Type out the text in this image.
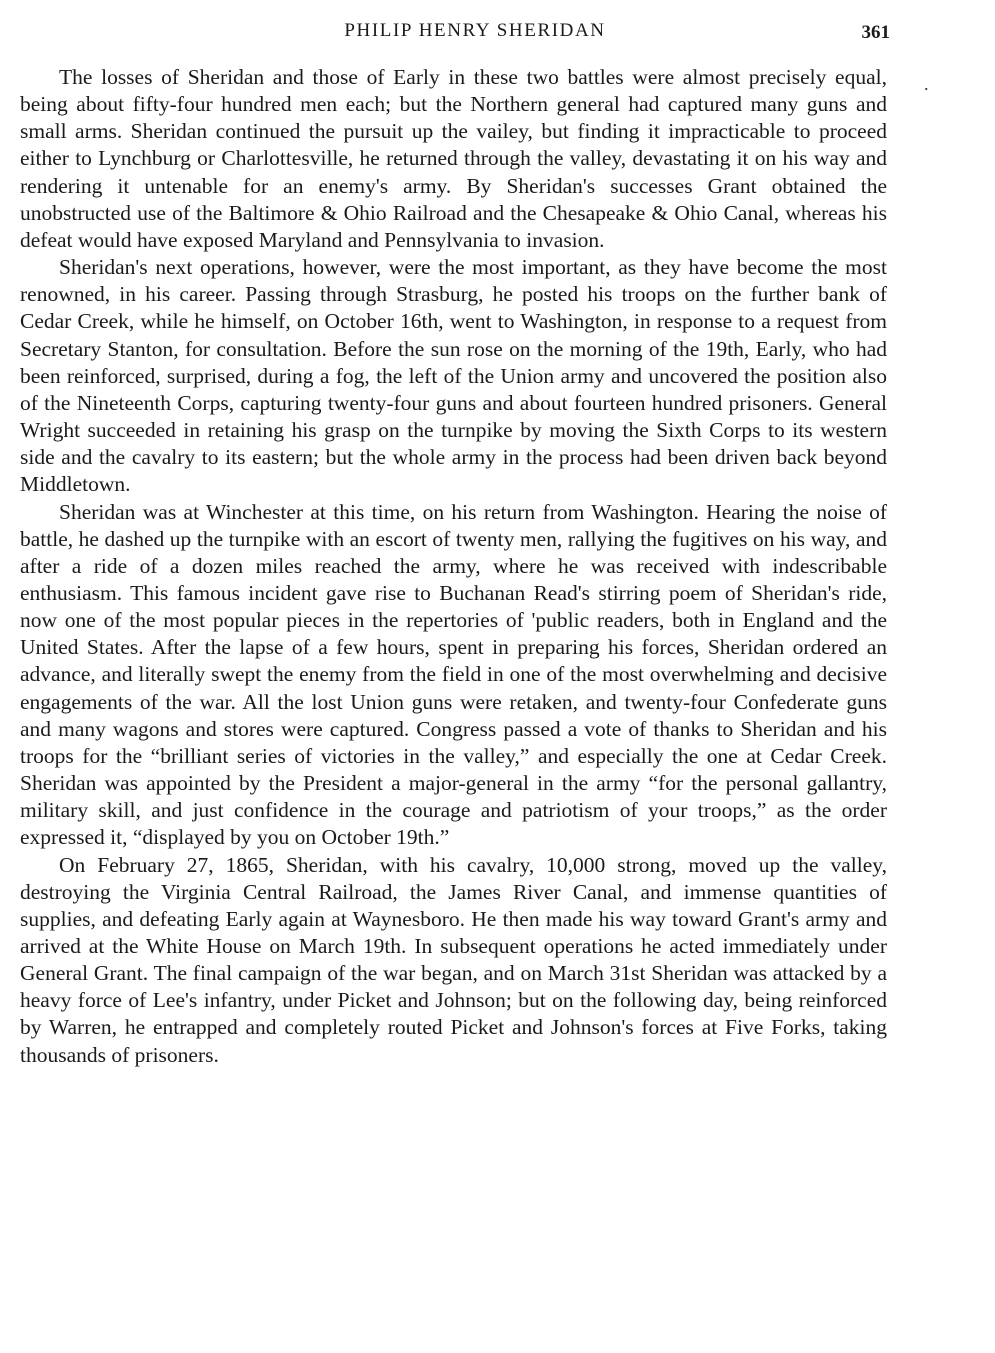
PHILIP HENRY SHERIDAN	361
.

The losses of Sheridan and those of Early in these two battles were almost precisely equal, being about fifty-four hundred men each; but the Northern general had captured many guns and small arms. Sheridan continued the pursuit up the vailey, but finding it impracticable to proceed either to Lynchburg or Charlottesville, he returned through the valley, devastating it on his way and rendering it untenable for an enemy's army. By Sheridan's successes Grant obtained the unobstructed use of the Baltimore & Ohio Railroad and the Chesapeake & Ohio Canal, whereas his defeat would have exposed Maryland and Pennsylvania to invasion.

Sheridan's next operations, however, were the most important, as they have become the most renowned, in his career. Passing through Strasburg, he posted his troops on the further bank of Cedar Creek, while he himself, on October 16th, went to Washington, in response to a request from Secretary Stanton, for consultation. Before the sun rose on the morning of the 19th, Early, who had been reinforced, surprised, during a fog, the left of the Union army and uncovered the position also of the Nineteenth Corps, capturing twenty-four guns and about fourteen hundred prisoners. General Wright succeeded in retaining his grasp on the turnpike by moving the Sixth Corps to its western side and the cavalry to its eastern; but the whole army in the process had been driven back beyond Middletown.

Sheridan was at Winchester at this time, on his return from Washington. Hearing the noise of battle, he dashed up the turnpike with an escort of twenty men, rallying the fugitives on his way, and after a ride of a dozen miles reached the army, where he was received with indescribable enthusiasm. This famous incident gave rise to Buchanan Read's stirring poem of Sheridan's ride, now one of the most popular pieces in the repertories of 'public readers, both in England and the United States. After the lapse of a few hours, spent in preparing his forces, Sheridan ordered an advance, and literally swept the enemy from the field in one of the most overwhelming and decisive engagements of the war. All the lost Union guns were retaken, and twenty-four Confederate guns and many wagons and stores were captured. Congress passed a vote of thanks to Sheridan and his troops for the “brilliant series of victories in the valley,” and especially the one at Cedar Creek. Sheridan was appointed by the President a major-general in the army “for the personal gallantry, military skill, and just confidence in the courage and patriotism of your troops,” as the order expressed it, “displayed by you on October 19th.”

On February 27, 1865, Sheridan, with his cavalry, 10,000 strong, moved up the valley, destroying the Virginia Central Railroad, the James River Canal, and immense quantities of supplies, and defeating Early again at Waynesboro. He then made his way toward Grant's army and arrived at the White House on March 19th. In subsequent operations he acted immediately under General Grant. The final campaign of the war began, and on March 31st Sheridan was attacked by a heavy force of Lee's infantry, under Picket and Johnson; but on the following day, being reinforced by Warren, he entrapped and completely routed Picket and Johnson's forces at Five Forks, taking thousands of prisoners.
